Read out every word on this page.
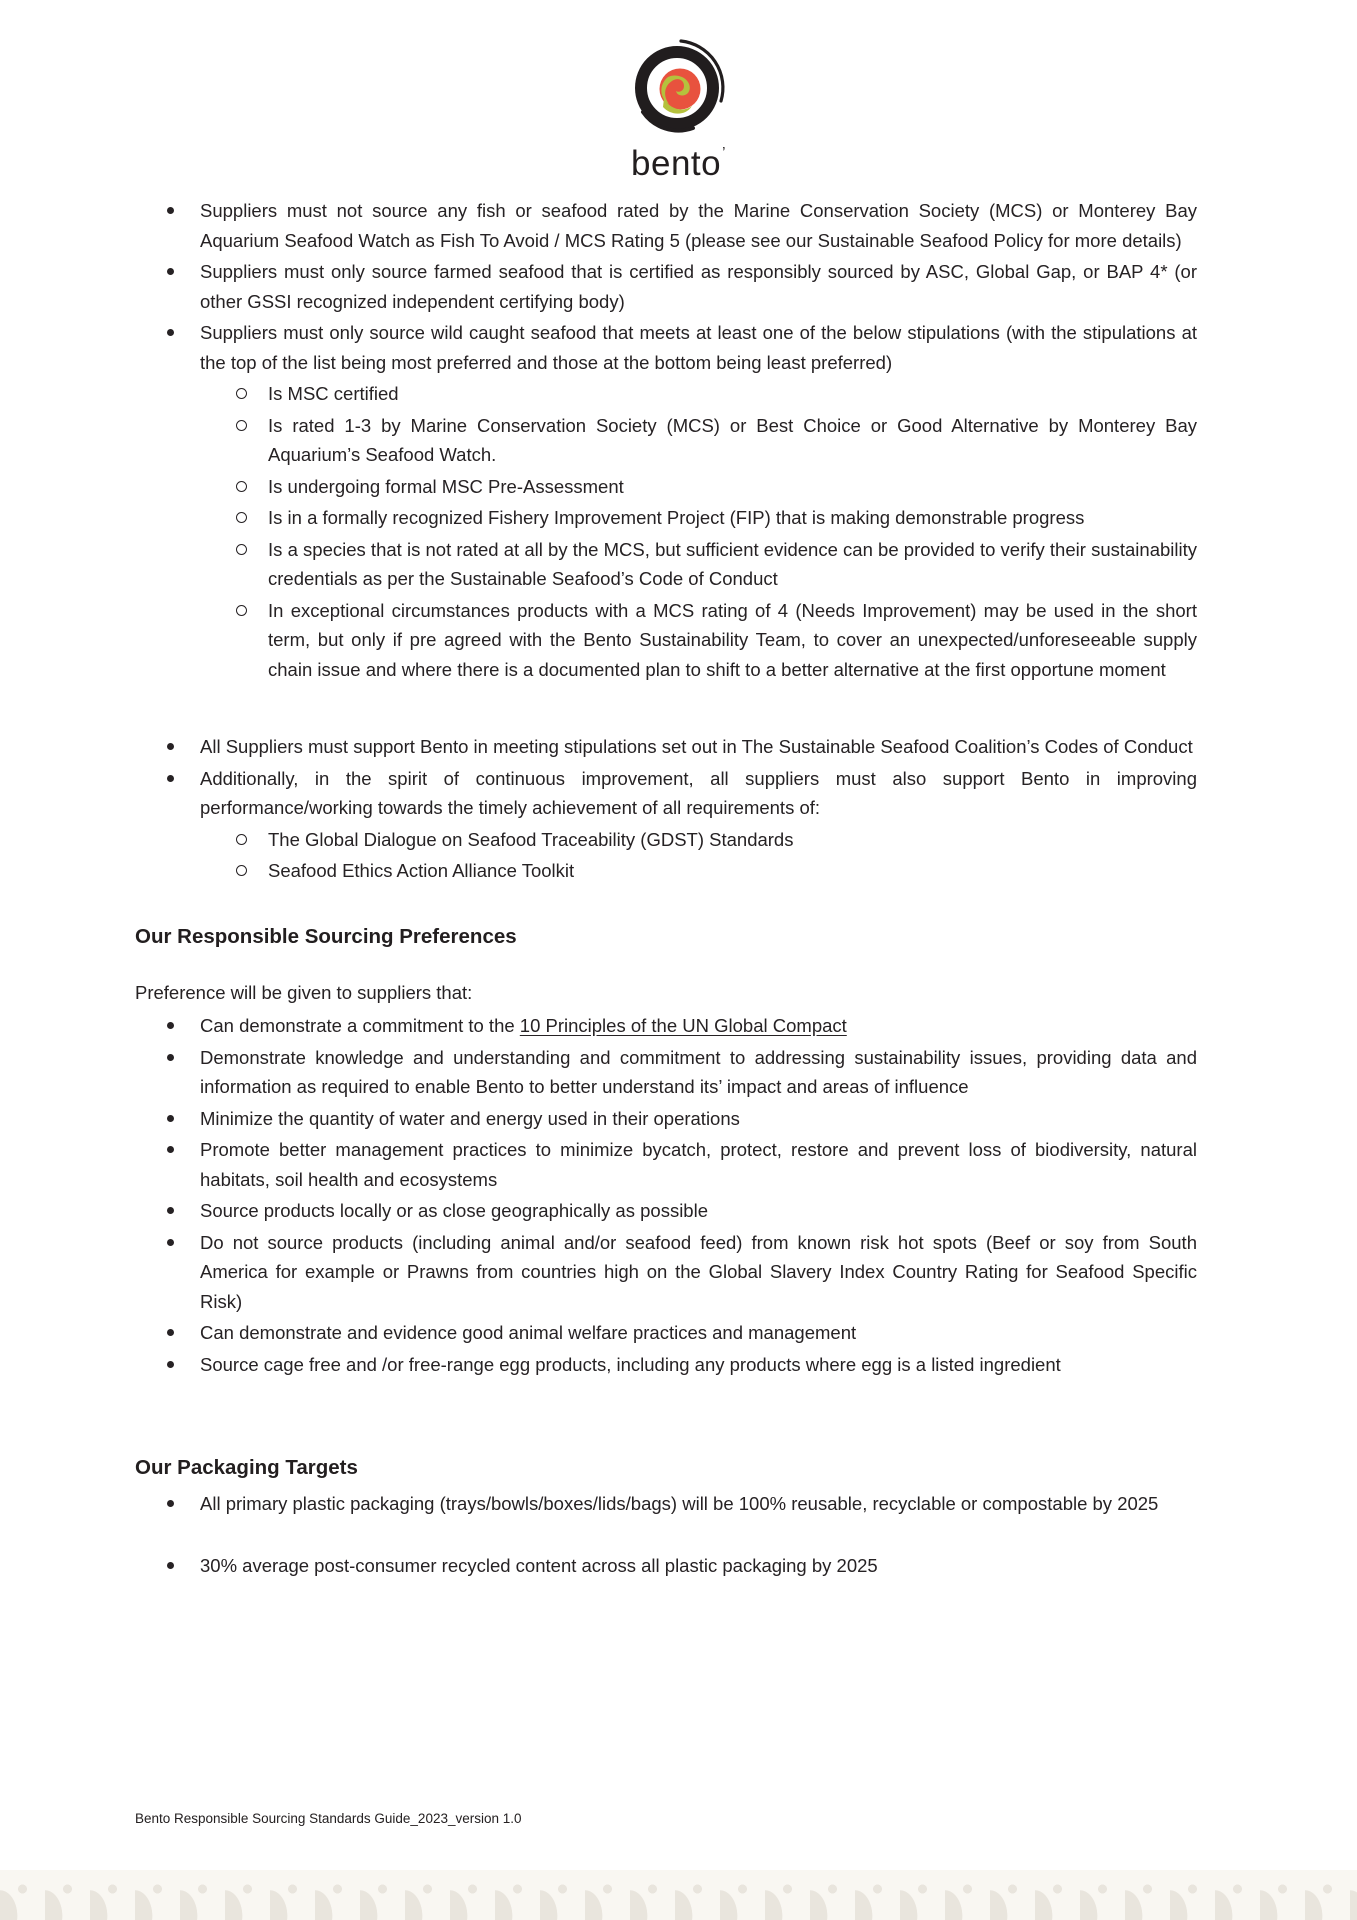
bento’
Suppliers must not source any fish or seafood rated by the Marine Conservation Society (MCS) or Monterey Bay Aquarium Seafood Watch as Fish To Avoid / MCS Rating 5 (please see our Sustainable Seafood Policy for more details)
Suppliers must only source farmed seafood that is certified as responsibly sourced by ASC, Global Gap, or BAP 4* (or other GSSI recognized independent certifying body)
Suppliers must only source wild caught seafood that meets at least one of the below stipulations (with the stipulations at the top of the list being most preferred and those at the bottom being least preferred)
Is MSC certified
Is rated 1-3 by Marine Conservation Society (MCS) or Best Choice or Good Alternative by Monterey Bay Aquarium’s Seafood Watch.
Is undergoing formal MSC Pre-Assessment
Is in a formally recognized Fishery Improvement Project (FIP) that is making demonstrable progress
Is a species that is not rated at all by the MCS, but sufficient evidence can be provided to verify their sustainability credentials as per the Sustainable Seafood’s Code of Conduct
In exceptional circumstances products with a MCS rating of 4 (Needs Improvement) may be used in the short term, but only if pre agreed with the Bento Sustainability Team, to cover an unexpected/unforeseeable supply chain issue and where there is a documented plan to shift to a better alternative at the first opportune moment
All Suppliers must support Bento in meeting stipulations set out in The Sustainable Seafood Coalition’s Codes of Conduct
Additionally, in the spirit of continuous improvement, all suppliers must also support Bento in improving performance/working towards the timely achievement of all requirements of:
The Global Dialogue on Seafood Traceability (GDST) Standards
Seafood Ethics Action Alliance Toolkit
Our Responsible Sourcing Preferences

Preference will be given to suppliers that:

Can demonstrate a commitment to the 10 Principles of the UN Global Compact
Demonstrate knowledge and understanding and commitment to addressing sustainability issues, providing data and information as required to enable Bento to better understand its’ impact and areas of influence
Minimize the quantity of water and energy used in their operations
Promote better management practices to minimize bycatch, protect, restore and prevent loss of biodiversity, natural habitats, soil health and ecosystems
Source products locally or as close geographically as possible
Do not source products (including animal and/or seafood feed) from known risk hot spots (Beef or soy from South America for example or Prawns from countries high on the Global Slavery Index Country Rating for Seafood Specific Risk)
Can demonstrate and evidence good animal welfare practices and management
Source cage free and /or free-range egg products, including any products where egg is a listed ingredient
Our Packaging Targets
All primary plastic packaging (trays/bowls/boxes/lids/bags) will be 100% reusable, recyclable or compostable by 2025
30% average post-consumer recycled content across all plastic packaging by 2025
Bento Responsible Sourcing Standards Guide_2023_version 1.0
